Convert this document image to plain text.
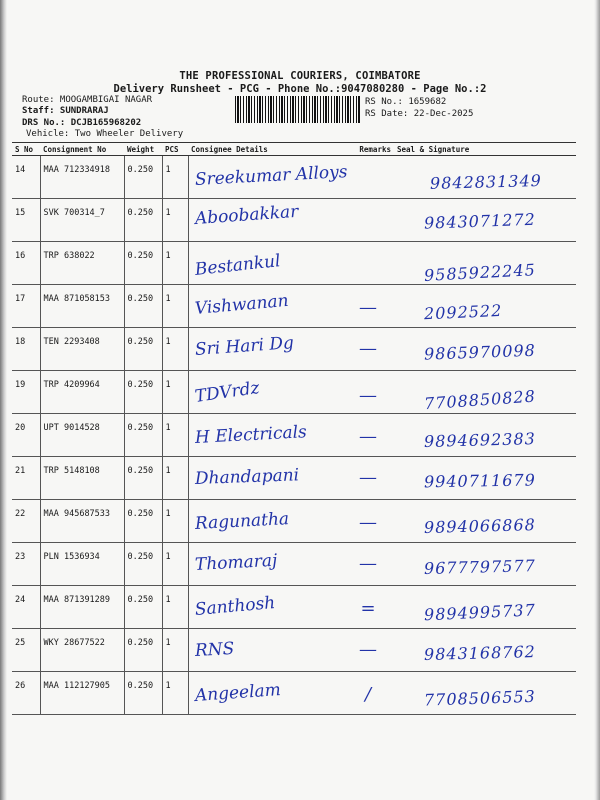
THE PROFESSIONAL COURIERS, COIMBATORE
Delivery Runsheet - PCG - Phone No.:9047080280 - Page No.:2
Route: MOOGAMBIGAI NAGAR
Staff: SUNDRARAJ
DRS No.: DCJB165968202
Vehicle: Two Wheeler Delivery
RS No.: 1659682
RS Date: 22-Dec-2025
S No	Consignment No	Weight	PCS	Consignee Details	Remarks	Seal & Signature
14	MAA 712334918	0.250	1	Sreekumar Alloys		9842831349

15	SVK 700314_7	0.250	1	Aboobakkar		9843071272

16	TRP 638022	0.250	1	Bestankul		9585922245

17	MAA 871058153	0.250	1	Vishwanan	—	2092522

18	TEN 2293408	0.250	1	Sri Hari Dg	—	9865970098

19	TRP 4209964	0.250	1	TDVrdz	—	7708850828

20	UPT 9014528	0.250	1	H Electricals	—	9894692383

21	TRP 5148108	0.250	1	Dhandapani	—	9940711679

22	MAA 945687533	0.250	1	Ragunatha	—	9894066868

23	PLN 1536934	0.250	1	Thomaraj	—	9677797577

24	MAA 871391289	0.250	1	Santhosh	=	9894995737

25	WKY 28677522	0.250	1	RNS	—	9843168762

26	MAA 112127905	0.250	1	Angeelam	/	7708506553
